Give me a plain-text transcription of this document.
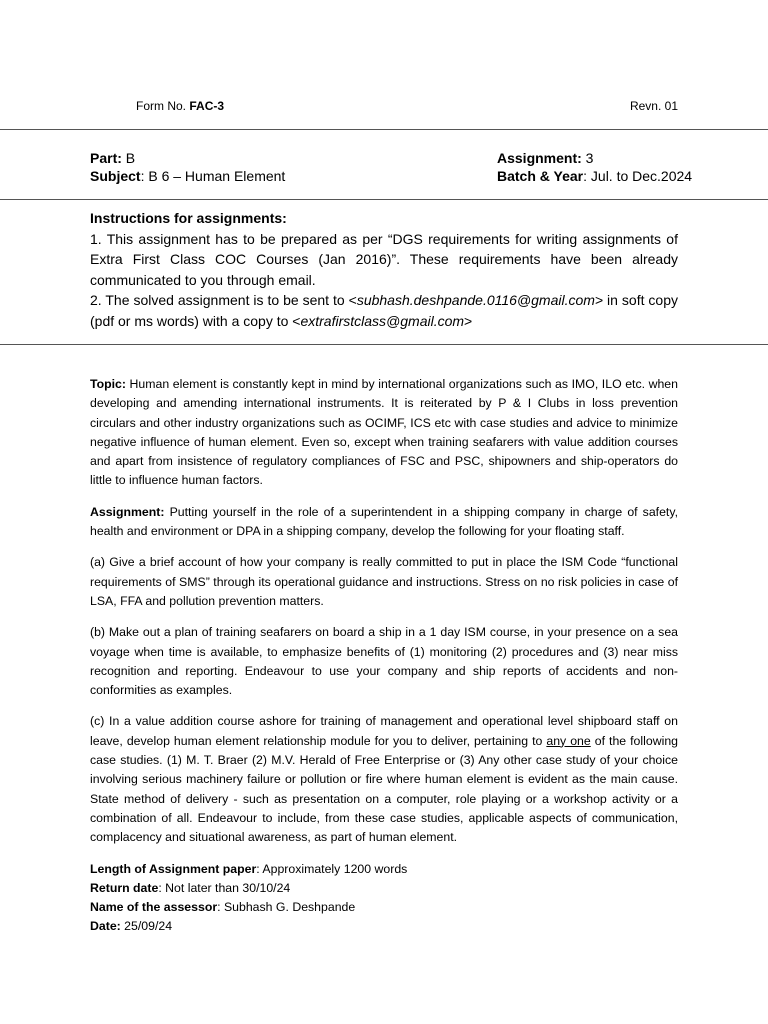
Form No. FAC-3	Revn. 01
Part: B
Subject: B 6 – Human Element
Assignment: 3
Batch & Year: Jul. to Dec.2024

Instructions for assignments:

1. This assignment has to be prepared as per “DGS requirements for writing assignments of Extra First Class COC Courses (Jan 2016)”. These requirements have been already communicated to you through email.

2. The solved assignment is to be sent to <subhash.deshpande.0116@gmail.com> in soft copy (pdf or ms words) with a copy to <extrafirstclass@gmail.com>

Topic: Human element is constantly kept in mind by international organizations such as IMO, ILO etc. when developing and amending international instruments. It is reiterated by P & I Clubs in loss prevention circulars and other industry organizations such as OCIMF, ICS etc with case studies and advice to minimize negative influence of human element. Even so, except when training seafarers with value addition courses and apart from insistence of regulatory compliances of FSC and PSC, shipowners and ship-operators do little to influence human factors.

Assignment: Putting yourself in the role of a superintendent in a shipping company in charge of safety, health and environment or DPA in a shipping company, develop the following for your floating staff.

(a) Give a brief account of how your company is really committed to put in place the ISM Code “functional requirements of SMS” through its operational guidance and instructions. Stress on no risk policies in case of LSA, FFA and pollution prevention matters.

(b) Make out a plan of training seafarers on board a ship in a 1 day ISM course, in your presence on a sea voyage when time is available, to emphasize benefits of (1) monitoring (2) procedures and (3) near miss recognition and reporting. Endeavour to use your company and ship reports of accidents and non-conformities as examples.

(c) In a value addition course ashore for training of management and operational level shipboard staff on leave, develop human element relationship module for you to deliver, pertaining to any one of the following case studies. (1) M. T. Braer (2) M.V. Herald of Free Enterprise or (3) Any other case study of your choice involving serious machinery failure or pollution or fire where human element is evident as the main cause. State method of delivery - such as presentation on a computer, role playing or a workshop activity or a combination of all. Endeavour to include, from these case studies, applicable aspects of communication, complacency and situational awareness, as part of human element.

Length of Assignment paper: Approximately 1200 words

Return date: Not later than 30/10/24

Name of the assessor: Subhash G. Deshpande

Date: 25/09/24
